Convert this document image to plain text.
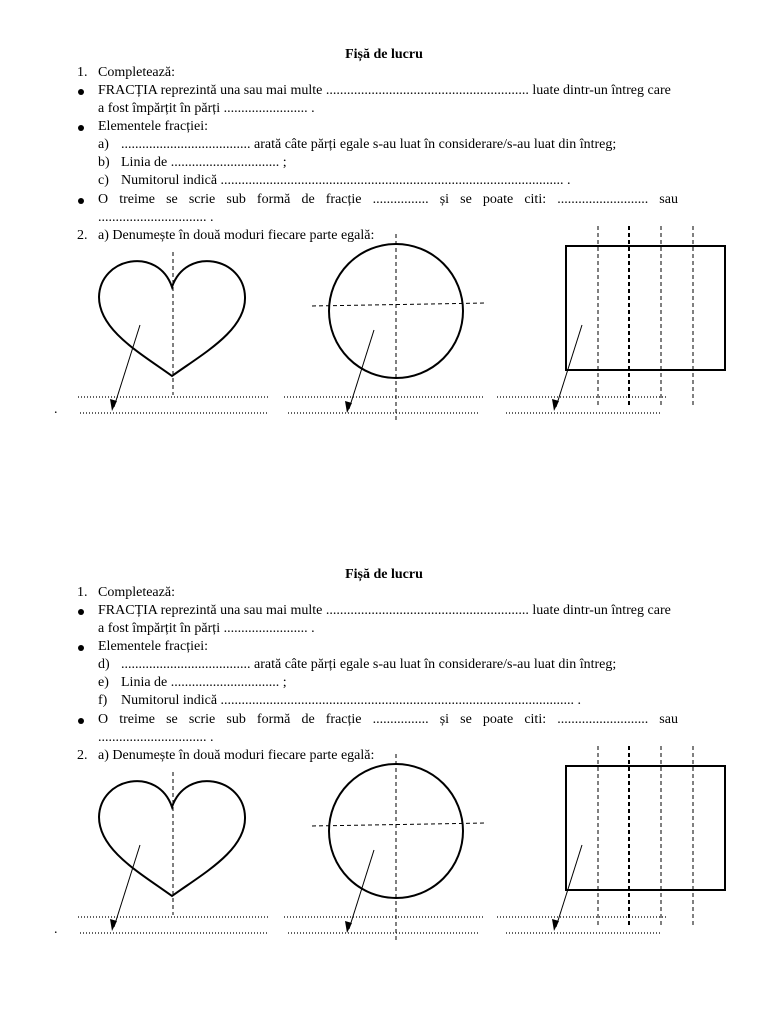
Fișă de lucru
1. Completează:
FRACȚIA reprezintă una sau mai multe .......................................................... luate dintr-un întreg care
a fost împărțit în părți ........................ .
Elementele fracției:
a) ..................................... arată câte părți egale s-au luat în considerare/s-au luat din întreg;
b) Linia de ............................... ;
c) Numitorul indică .................................................................................................. .
O treime se scrie sub formă de fracție ................ și se poate citi: .......................... sau
............................... .
2. a) Denumește în două moduri fiecare parte egală:
.
Fișă de lucru
1. Completează:
FRACȚIA reprezintă una sau mai multe .......................................................... luate dintr-un întreg care
a fost împărțit în părți ........................ .
Elementele fracției:
d) ..................................... arată câte părți egale s-au luat în considerare/s-au luat din întreg;
e) Linia de ............................... ;
f) Numitorul indică ..................................................................................................... .
O treime se scrie sub formă de fracție ................ și se poate citi: .......................... sau
............................... .
2. a) Denumește în două moduri fiecare parte egală:
.
